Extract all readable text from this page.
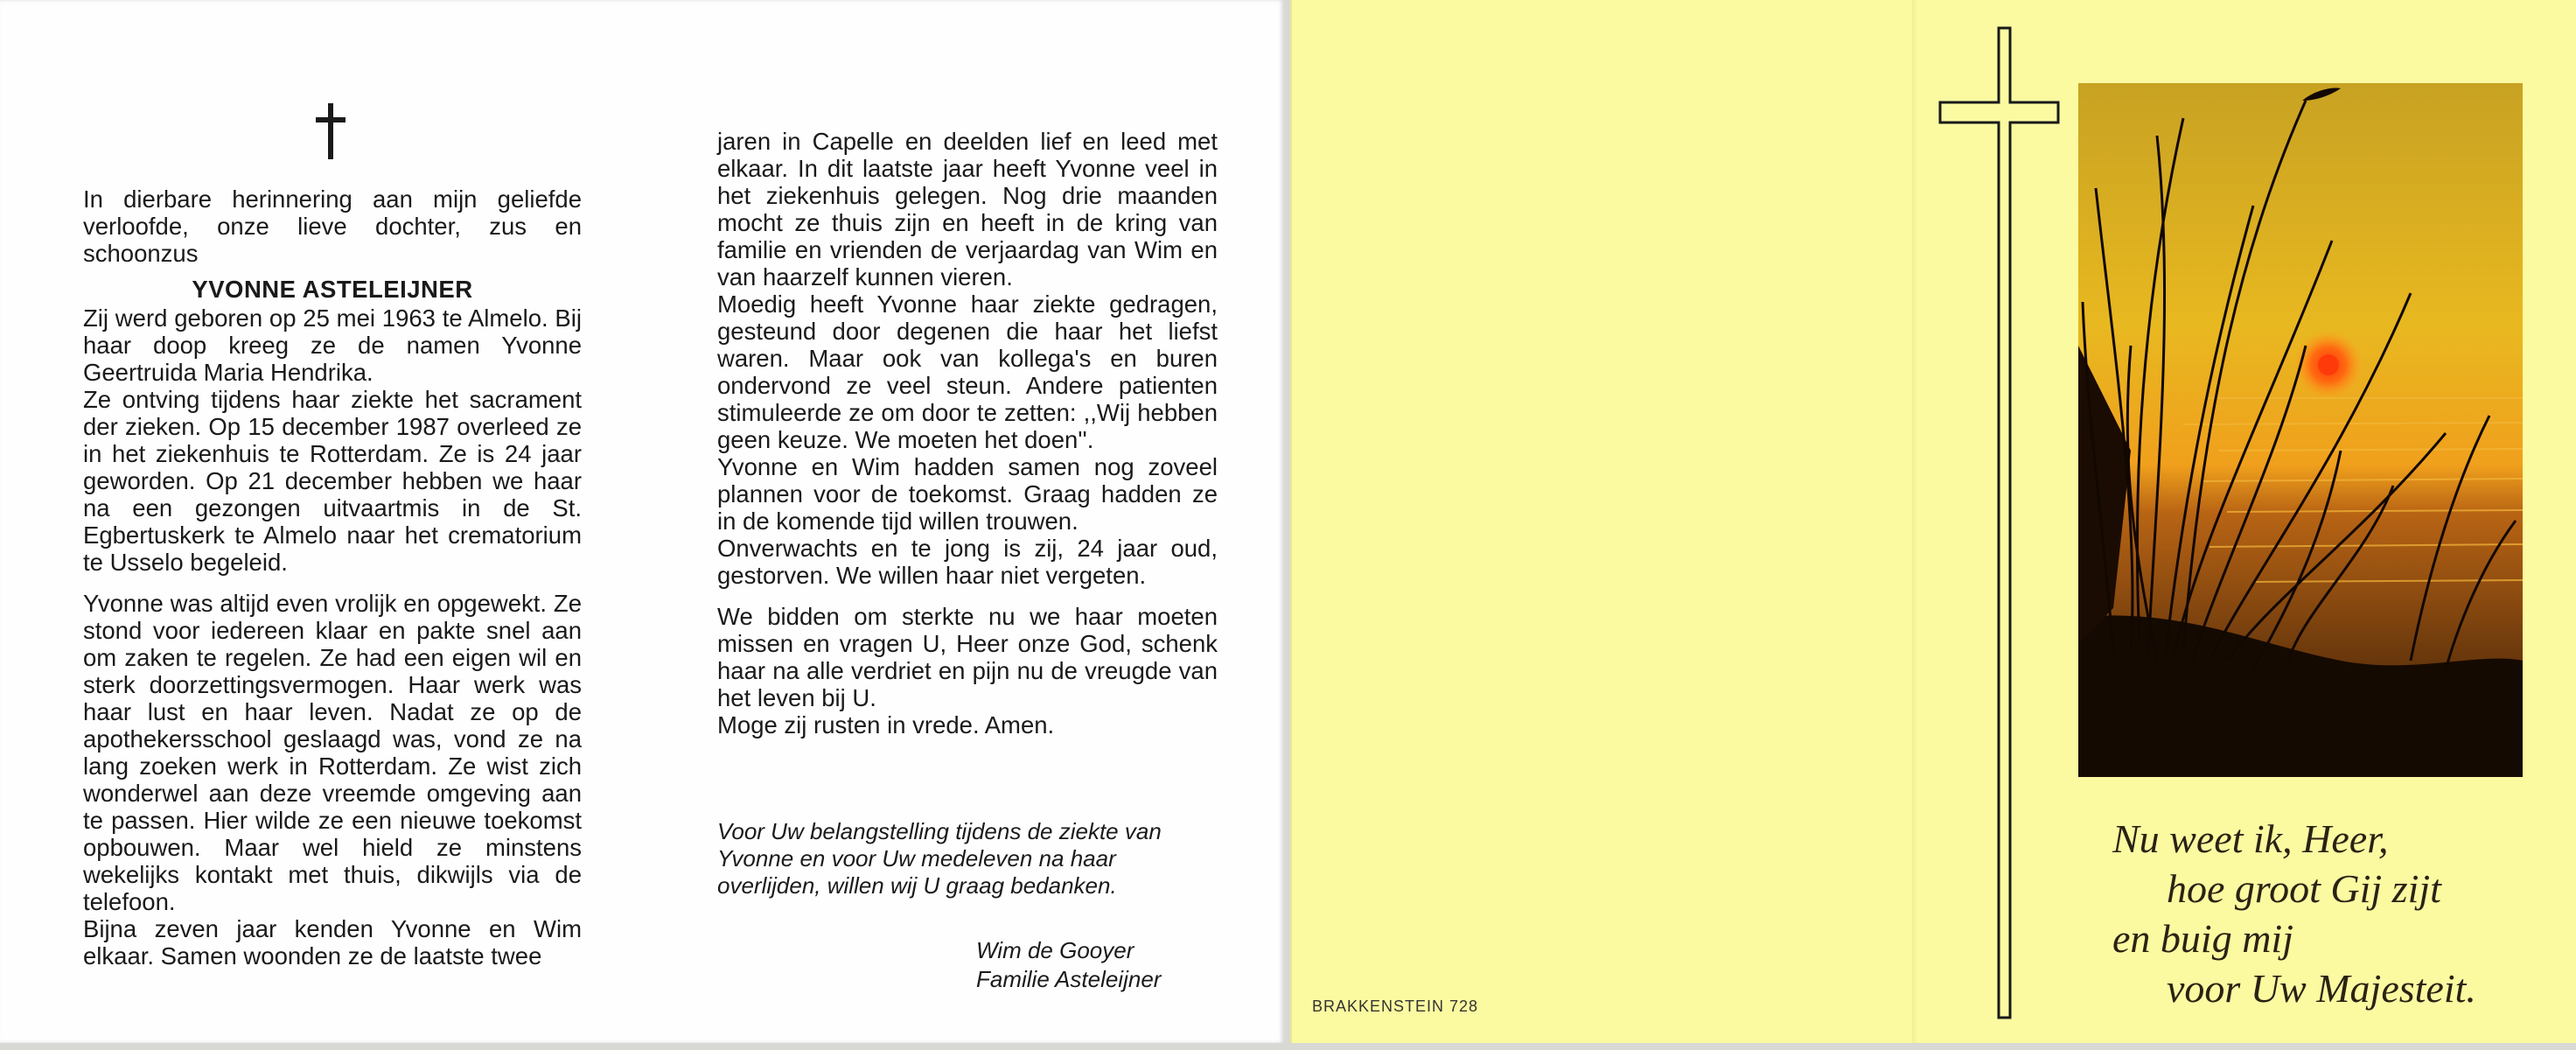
In dierbare herinnering aan mijn geliefde verloofde, onze lieve dochter, zus en schoonzus

YVONNE ASTELEIJNER

Zij werd geboren op 25 mei 1963 te Almelo. Bij haar doop kreeg ze de namen Yvonne Geertruida Maria Hendrika.

Ze ontving tijdens haar ziekte het sacrament der zieken. Op 15 december 1987 overleed ze in het ziekenhuis te Rotterdam. Ze is 24 jaar geworden. Op 21 december hebben we haar na een gezongen uitvaartmis in de St. Egbertuskerk te Almelo naar het crematorium te Usselo begeleid.

Yvonne was altijd even vrolijk en opgewekt. Ze stond voor iedereen klaar en pakte snel aan om zaken te regelen. Ze had een eigen wil en sterk doorzettingsvermogen. Haar werk was haar lust en haar leven. Nadat ze op de apothekersschool geslaagd was, vond ze na lang zoeken werk in Rotterdam. Ze wist zich wonderwel aan deze vreemde omgeving aan te passen. Hier wilde ze een nieuwe toekomst opbouwen. Maar wel hield ze minstens wekelijks kontakt met thuis, dikwijls via de telefoon.

Bijna zeven jaar kenden Yvonne en Wim elkaar. Samen woonden ze de laatste twee

jaren in Capelle en deelden lief en leed met elkaar. In dit laatste jaar heeft Yvonne veel in het ziekenhuis gelegen. Nog drie maanden mocht ze thuis zijn en heeft in de kring van familie en vrienden de verjaardag van Wim en van haarzelf kunnen vieren.

Moedig heeft Yvonne haar ziekte gedragen, gesteund door degenen die haar het liefst waren. Maar ook van kollega's en buren ondervond ze veel steun. Andere patienten stimuleerde ze om door te zetten: ,,Wij hebben geen keuze. We moeten het doen''.

Yvonne en Wim hadden samen nog zoveel plannen voor de toekomst. Graag hadden ze in de komende tijd willen trouwen.

Onverwachts en te jong is zij, 24 jaar oud, gestorven. We willen haar niet vergeten.

We bidden om sterkte nu we haar moeten missen en vragen U, Heer onze God, schenk haar na alle verdriet en pijn nu de vreugde van het leven bij U.

Moge zij rusten in vrede. Amen.

Voor Uw belangstelling tijdens de ziekte van Yvonne en voor Uw medeleven na haar overlijden, willen wij U graag bedanken.
Wim de Gooyer
Familie Asteleijner
BRAKKENSTEIN 728
Nu weet ik, Heer,
hoe groot Gij zijt
en buig mij
voor Uw Majesteit.
